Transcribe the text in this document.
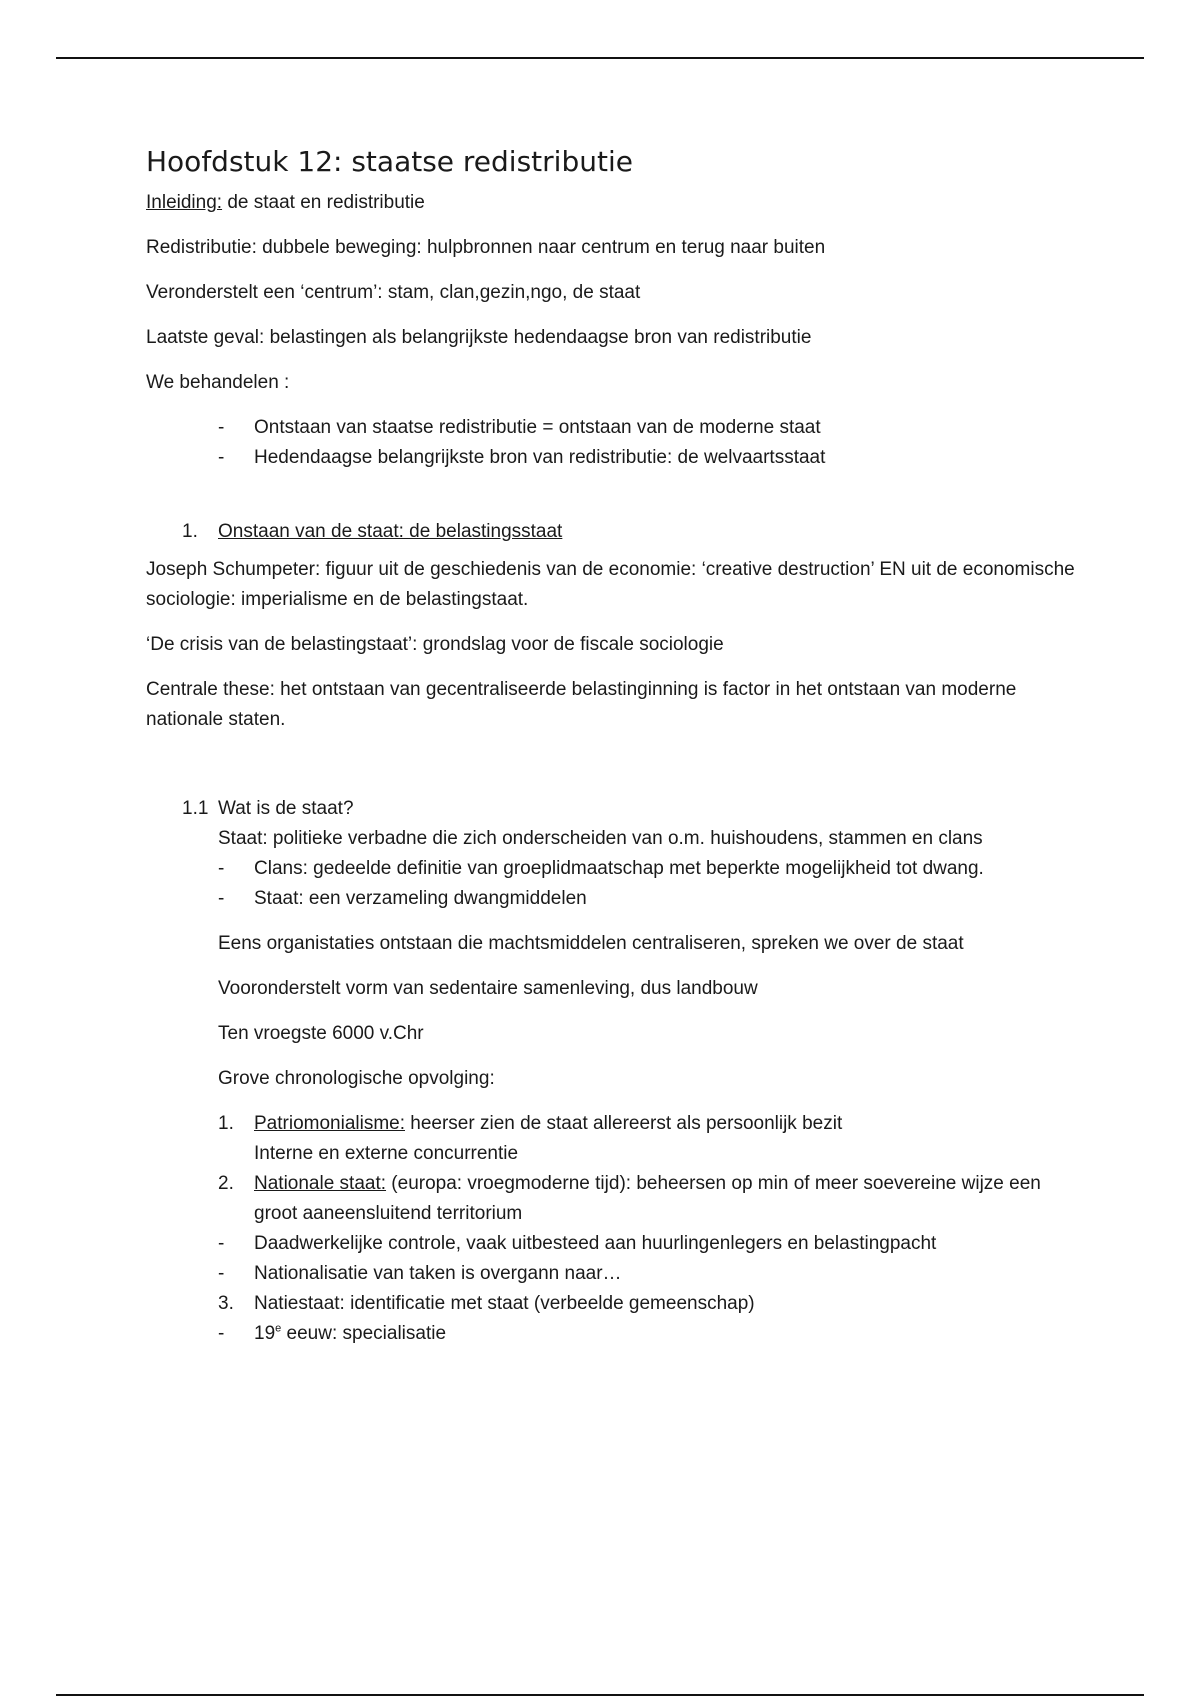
Hoofdstuk 12: staatse redistributie

Inleiding: de staat en redistributie

Redistributie: dubbele beweging: hulpbronnen naar centrum en terug naar buiten

Veronderstelt een ‘centrum’: stam, clan,gezin,ngo, de staat

Laatste geval: belastingen als belangrijkste hedendaagse bron van redistributie

We behandelen :

- Ontstaan van staatse redistributie = ontstaan van de moderne staat
- Hedendaagse belangrijkste bron van redistributie: de welvaartsstaat
1. Onstaan van de staat: de belastingsstaat

Joseph Schumpeter: figuur uit de geschiedenis van de economie: ‘creative destruction’ EN uit de economische sociologie: imperialisme en de belastingstaat.

‘De crisis van de belastingstaat’: grondslag voor de fiscale sociologie

Centrale these: het ontstaan van gecentraliseerde belastinginning is factor in het ontstaan van moderne nationale staten.

1.1 Wat is de staat?
Staat: politieke verbadne die zich onderscheiden van o.m. huishoudens, stammen en clans
- Clans: gedeelde definitie van groeplidmaatschap met beperkte mogelijkheid tot dwang.
- Staat: een verzameling dwangmiddelen

Eens organistaties ontstaan die machtsmiddelen centraliseren, spreken we over de staat

Vooronderstelt vorm van sedentaire samenleving, dus landbouw

Ten vroegste 6000 v.Chr

Grove chronologische opvolging:

1. Patriomonialisme: heerser zien de staat allereerst als persoonlijk bezit
Interne en externe concurrentie
2. Nationale staat: (europa: vroegmoderne tijd): beheersen op min of meer soevereine wijze een groot aaneensluitend territorium
- Daadwerkelijke controle, vaak uitbesteed aan huurlingenlegers en belastingpacht
- Nationalisatie van taken is overgann naar…
3. Natiestaat: identificatie met staat (verbeelde gemeenschap)
- 19e eeuw: specialisatie
